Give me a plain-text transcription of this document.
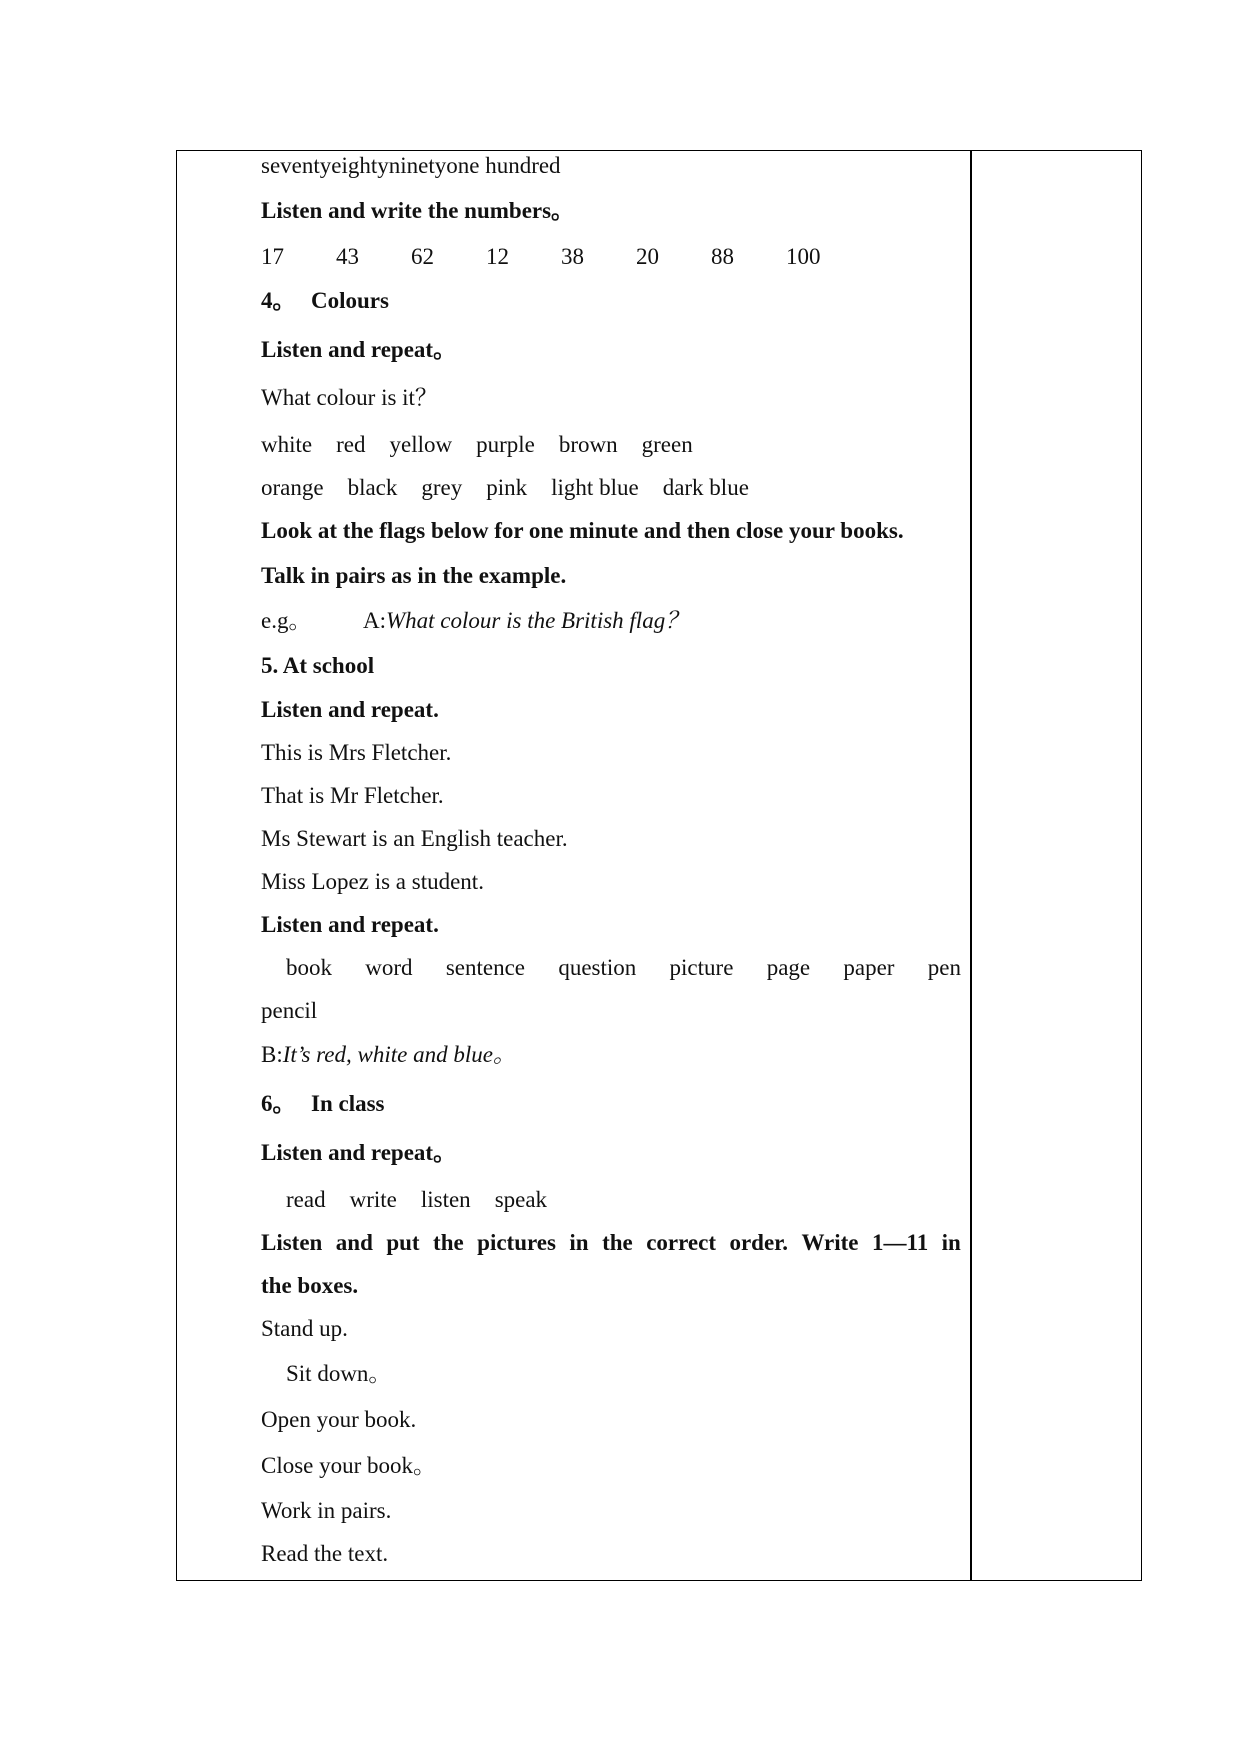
seventyeightyninetyone hundred
Listen and write the numbers。
17	43	62	12	38	20	88	100
4。 Colours
Listen and repeat。
What colour is it？
white red yellow purple brown green
orange black grey pink light blue dark blue
Look at the flags below for one minute and then close your books.
Talk in pairs as in the example.
e.g。	A: What colour is the British flag？
5. At school
Listen and repeat.
This is Mrs Fletcher.
That is Mr Fletcher.
Ms Stewart is an English teacher.
Miss Lopez is a student.
Listen and repeat.
book word sentence question picture page paper pen
pencil
B: It’s red, white and blue。
6。 In class
Listen and repeat。
read write listen speak
Listen and put the pictures in the correct order. Write 1—11 in
the boxes.
Stand up.
Sit down。
Open your book.
Close your book。
Work in pairs.
Read the text.
